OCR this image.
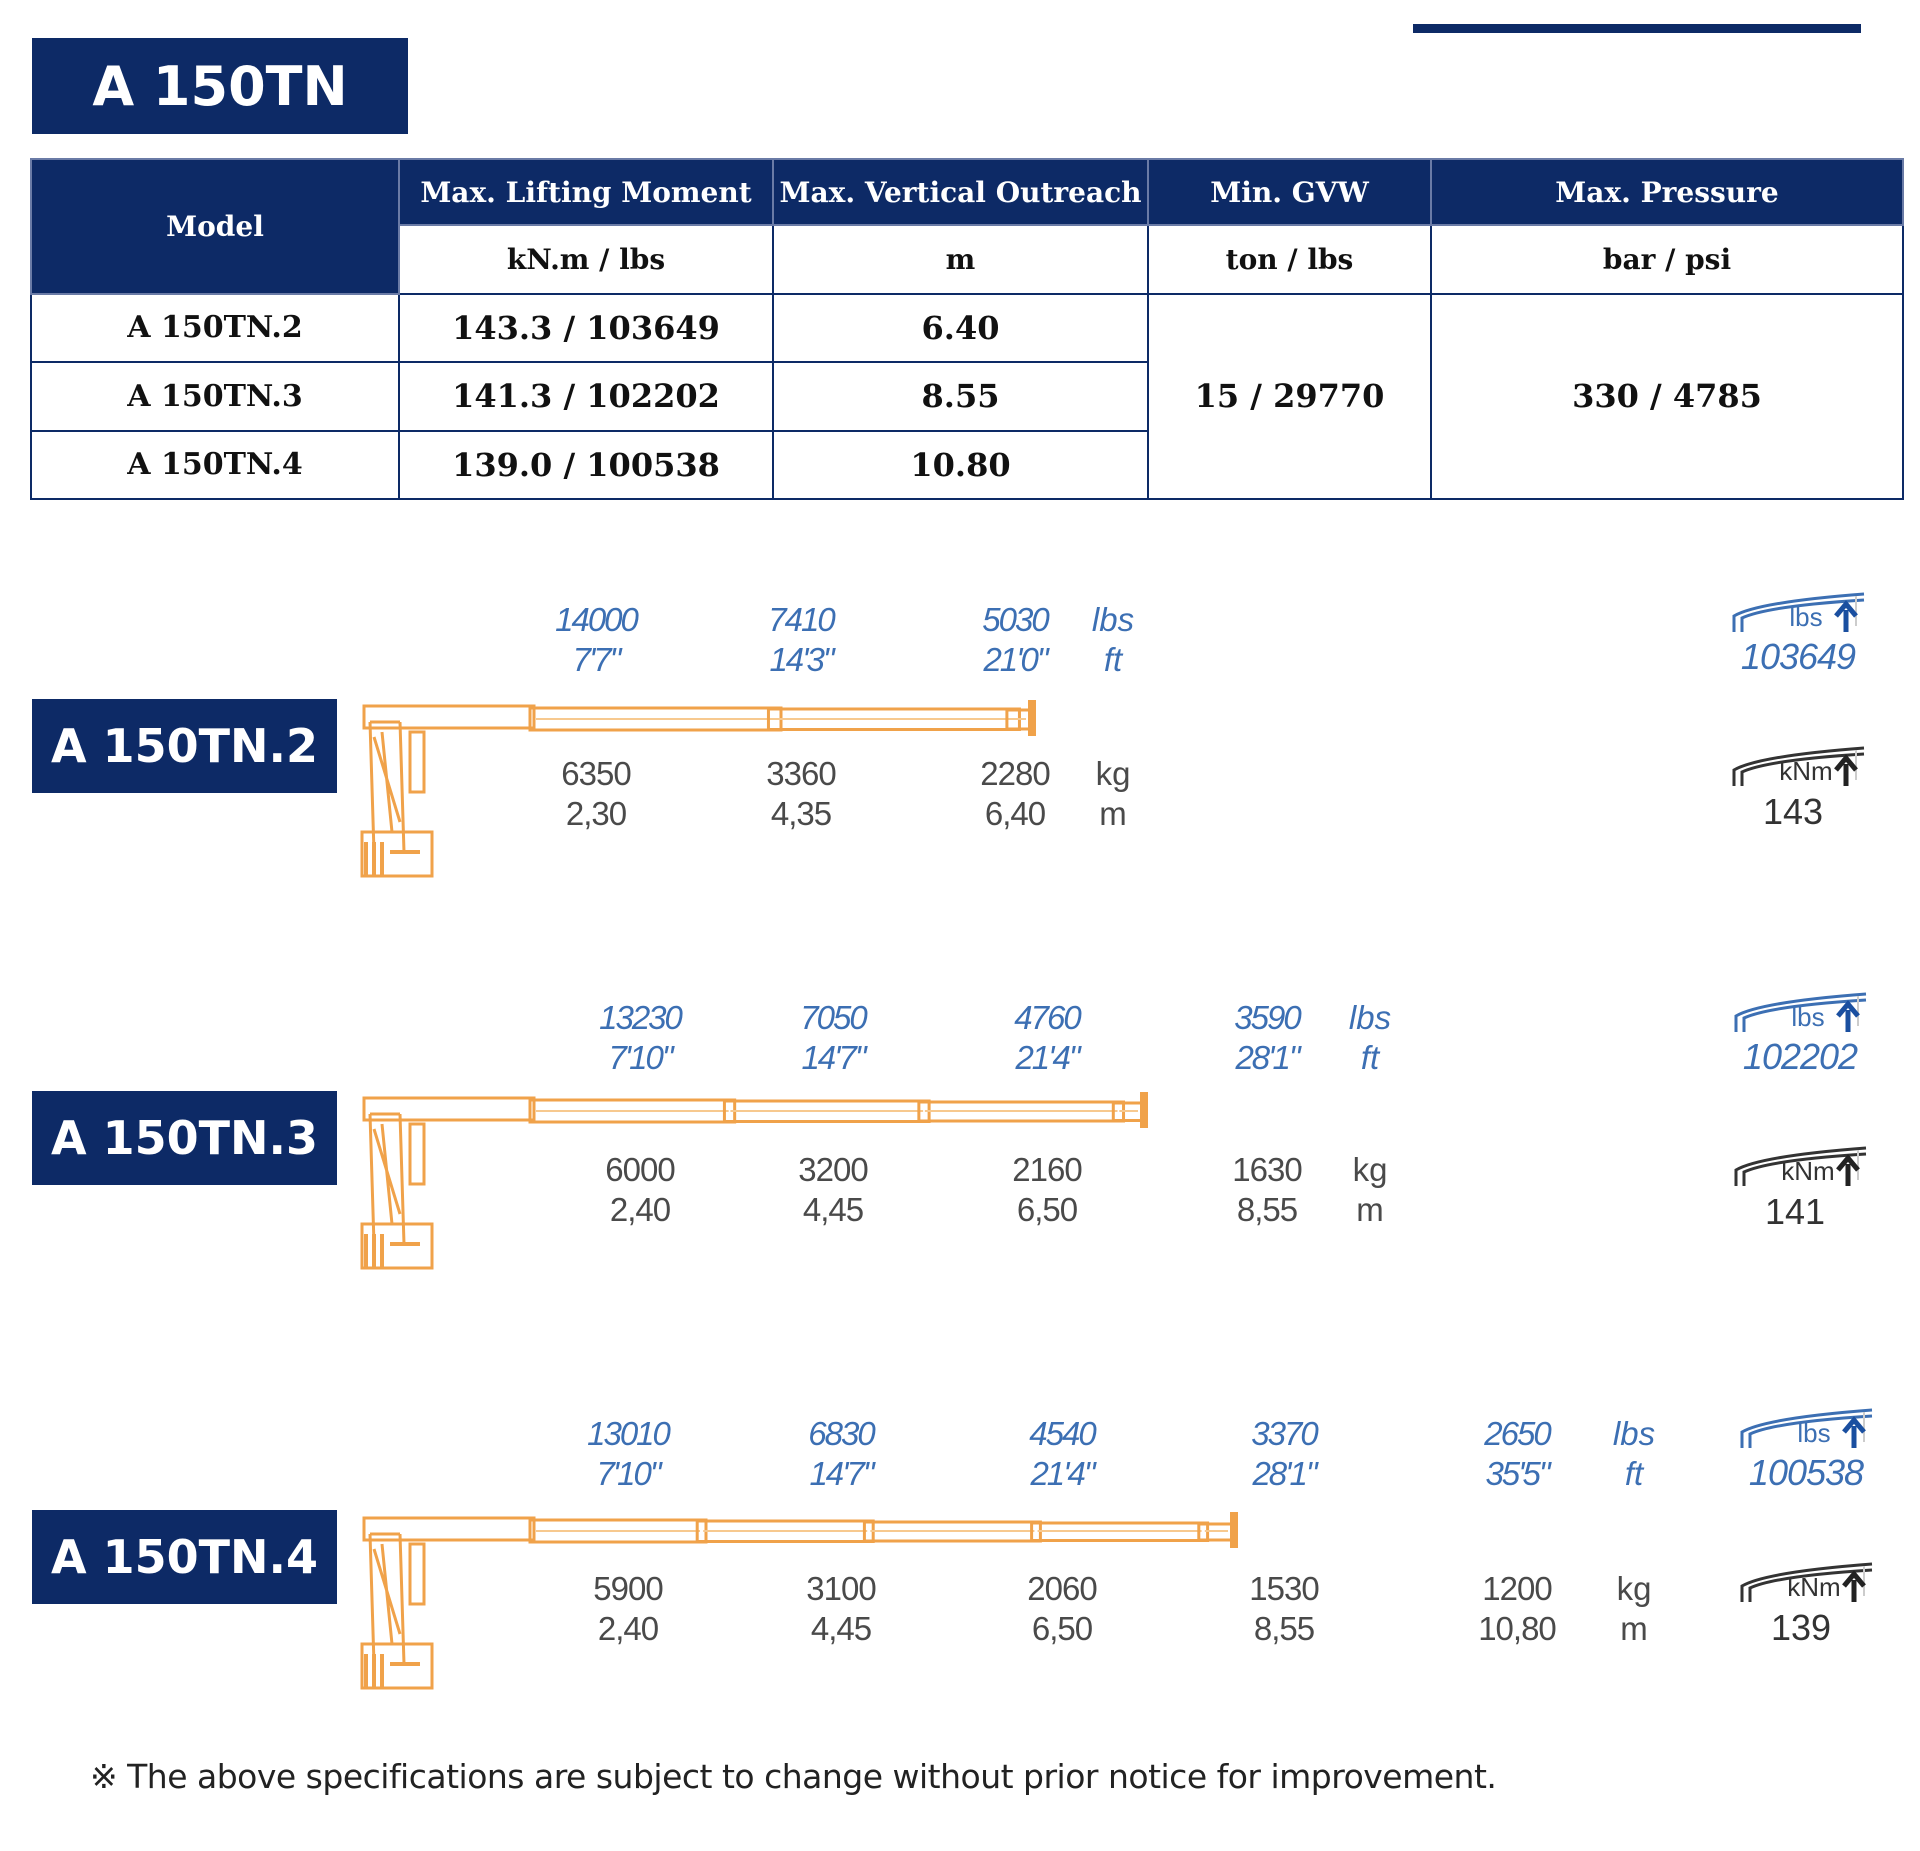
A 150TN
Model	Max. Lifting Moment	Max. Vertical Outreach	Min. GVW	Max. Pressure
	kN.m / lbs	m	ton / lbs	bar / psi
A 150TN.2	143.3 / 103649	6.40	15 / 29770	330 / 4785
A 150TN.3	141.3 / 102202	8.55		
A 150TN.4	139.0 / 100538	10.80		
A 150TN.2
14000
7'7"
6350
2,30
7410
14'3"
3360
4,35
5030
21'0"
2280
6,40
lbs
ft
kg
m
lbs
kNm
103649
143
A 150TN.3
13230
7'10"
6000
2,40
7050
14'7"
3200
4,45
4760
21'4"
2160
6,50
3590
28'1"
1630
8,55
lbs
ft
kg
m
lbs
kNm
102202
141
A 150TN.4
13010
7'10"
5900
2,40
6830
14'7"
3100
4,45
4540
21'4"
2060
6,50
3370
28'1"
1530
8,55
2650
35'5"
1200
10,80
lbs
ft
kg
m
lbs
kNm
100538
139
※ The above specifications are subject to change without prior notice for improvement.
